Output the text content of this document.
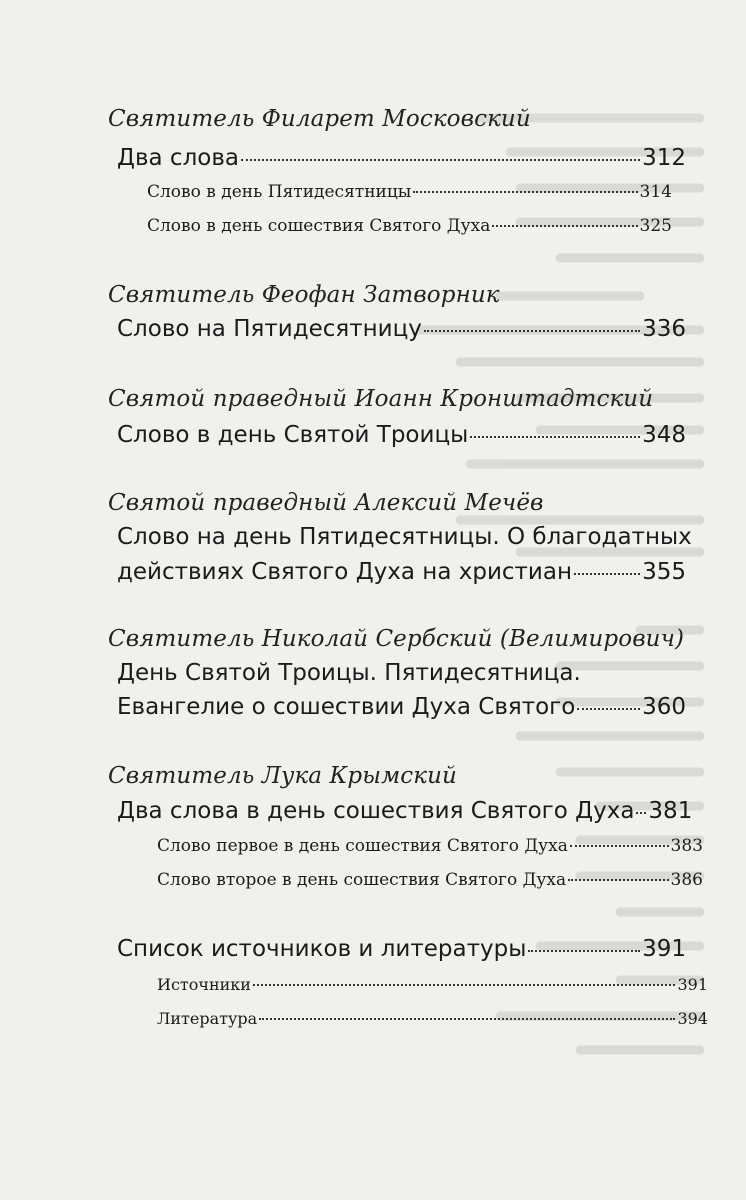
Святитель Филарет Московский
Два слова	312
Слово в день Пятидесятницы	314
Слово в день сошествия Святого Духа	325
Святитель Феофан Затворник
Слово на Пятидесятницу	336
Святой праведный Иоанн Кронштадтский
Слово в день Святой Троицы	348
Святой праведный Алексий Мечёв
Слово на день Пятидесятницы. О благодатных
действиях Святого Духа на христиан	355
Святитель Николай Сербский (Велимирович)
День Святой Троицы. Пятидесятница.
Евангелие о сошествии Духа Святого	360
Святитель Лука Крымский
Два слова в день сошествия Святого Духа 381
Слово первое в день сошествия Святого Духа	383
Слово второе в день сошествия Святого Духа	386
Список источников и литературы	391
Источники	391
Литература	394
